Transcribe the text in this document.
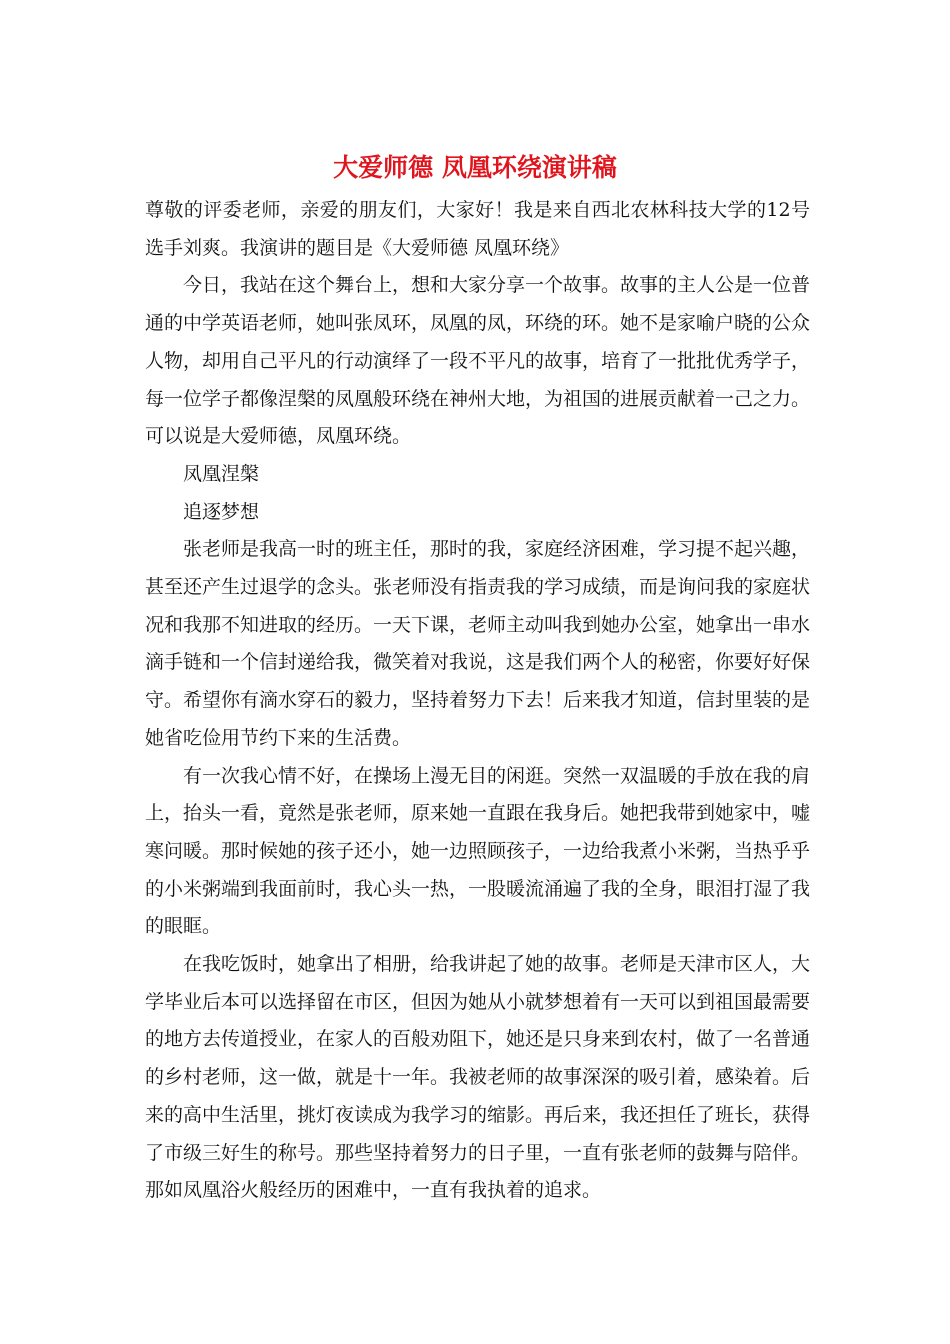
大爱师德 凤凰环绕演讲稿

尊敬的评委老师，亲爱的朋友们，大家好！我是来自西北农林科技大学的12号选手刘爽。我演讲的题目是《大爱师德 凤凰环绕》

今日，我站在这个舞台上，想和大家分享一个故事。故事的主人公是一位普通的中学英语老师，她叫张凤环，凤凰的凤，环绕的环。她不是家喻户晓的公众人物，却用自己平凡的行动演绎了一段不平凡的故事，培育了一批批优秀学子，每一位学子都像涅槃的凤凰般环绕在神州大地，为祖国的进展贡献着一己之力。可以说是大爱师德，凤凰环绕。

凤凰涅槃

追逐梦想

张老师是我高一时的班主任，那时的我，家庭经济困难，学习提不起兴趣，甚至还产生过退学的念头。张老师没有指责我的学习成绩，而是询问我的家庭状况和我那不知进取的经历。一天下课，老师主动叫我到她办公室，她拿出一串水滴手链和一个信封递给我，微笑着对我说，这是我们两个人的秘密，你要好好保守。希望你有滴水穿石的毅力，坚持着努力下去！后来我才知道，信封里装的是她省吃俭用节约下来的生活费。

有一次我心情不好，在操场上漫无目的闲逛。突然一双温暖的手放在我的肩上，抬头一看，竟然是张老师，原来她一直跟在我身后。她把我带到她家中，嘘寒问暖。那时候她的孩子还小，她一边照顾孩子，一边给我煮小米粥，当热乎乎的小米粥端到我面前时，我心头一热，一股暖流涌遍了我的全身，眼泪打湿了我的眼眶。

在我吃饭时，她拿出了相册，给我讲起了她的故事。老师是天津市区人，大学毕业后本可以选择留在市区，但因为她从小就梦想着有一天可以到祖国最需要的地方去传道授业，在家人的百般劝阻下，她还是只身来到农村，做了一名普通的乡村老师，这一做，就是十一年。我被老师的故事深深的吸引着，感染着。后来的高中生活里，挑灯夜读成为我学习的缩影。再后来，我还担任了班长，获得了市级三好生的称号。那些坚持着努力的日子里，一直有张老师的鼓舞与陪伴。那如凤凰浴火般经历的困难中，一直有我执着的追求。
